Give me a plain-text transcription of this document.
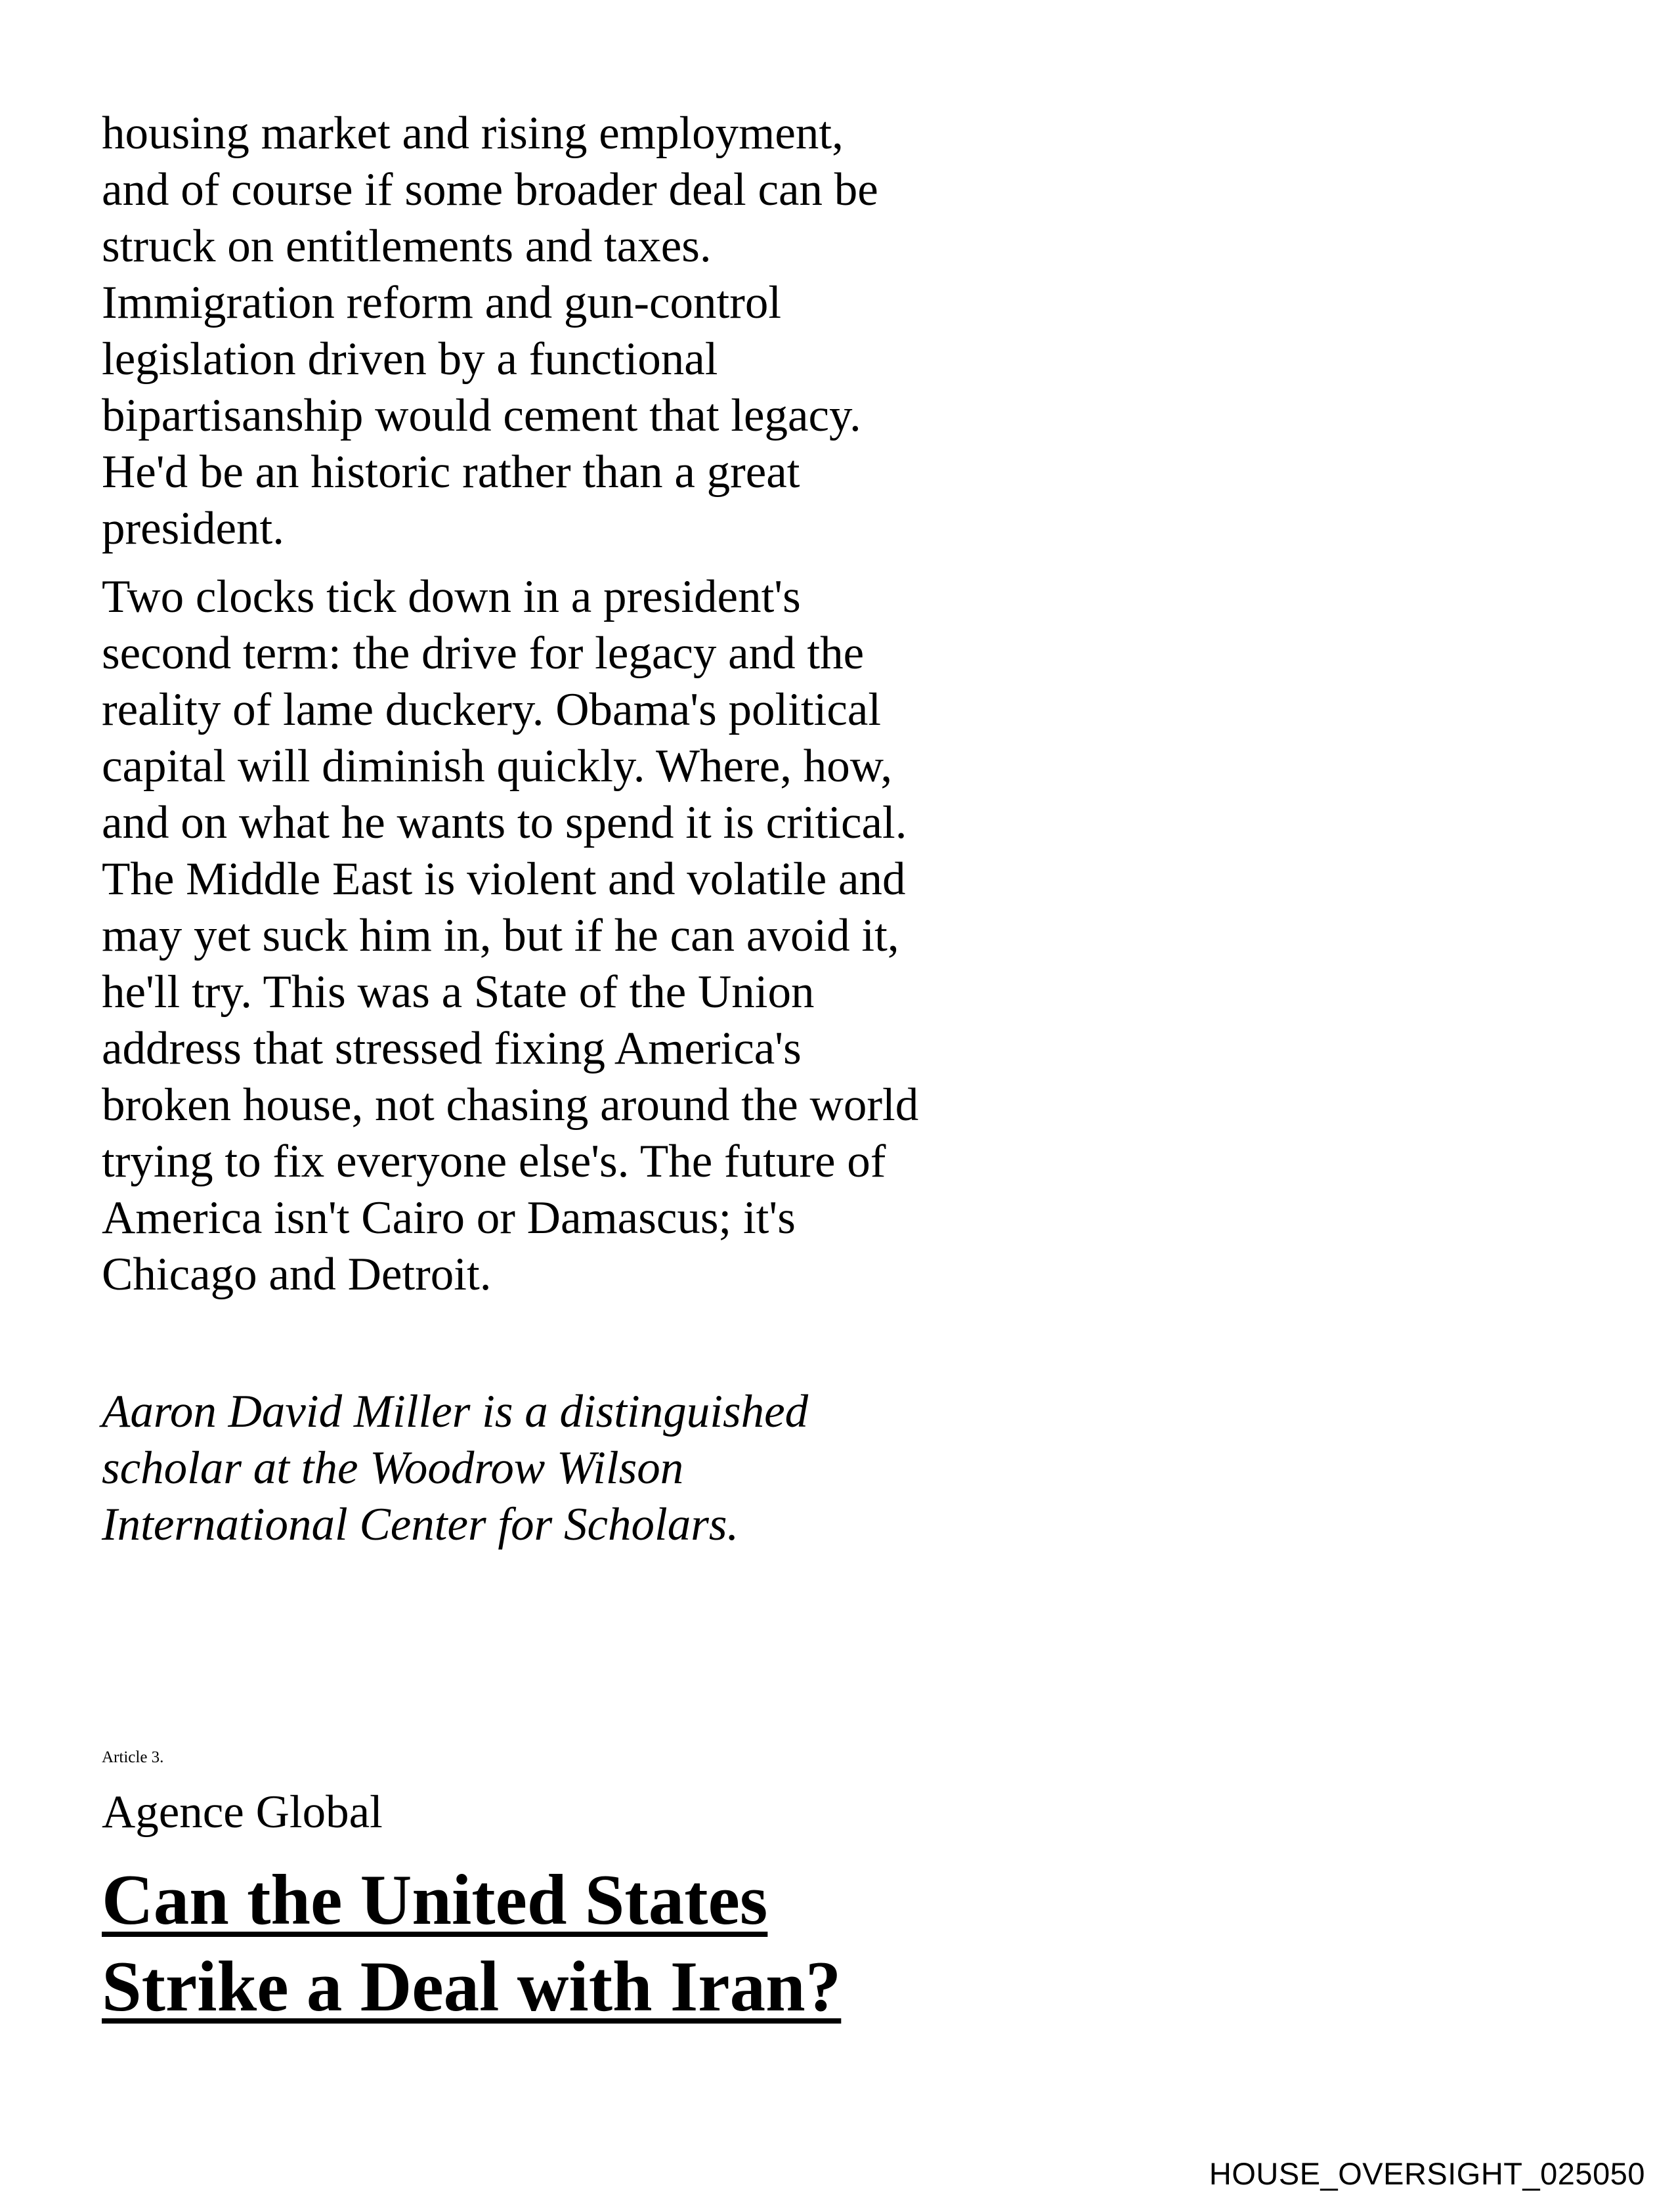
housing market and rising employment,
and of course if some broader deal can be
struck on entitlements and taxes.
Immigration reform and gun-control
legislation driven by a functional
bipartisanship would cement that legacy.
He'd be an historic rather than a great
president.

Two clocks tick down in a president's
second term: the drive for legacy and the
reality of lame duckery. Obama's political
capital will diminish quickly. Where, how,
and on what he wants to spend it is critical.
The Middle East is violent and volatile and
may yet suck him in, but if he can avoid it,
he'll try. This was a State of the Union
address that stressed fixing America's
broken house, not chasing around the world
trying to fix everyone else's. The future of
America isn't Cairo or Damascus; it's
Chicago and Detroit.

Aaron David Miller is a distinguished
scholar at the Woodrow Wilson
International Center for Scholars.

Article 3.

Agence Global

Can the United States
Strike a Deal with Iran?

HOUSE_OVERSIGHT_025050
